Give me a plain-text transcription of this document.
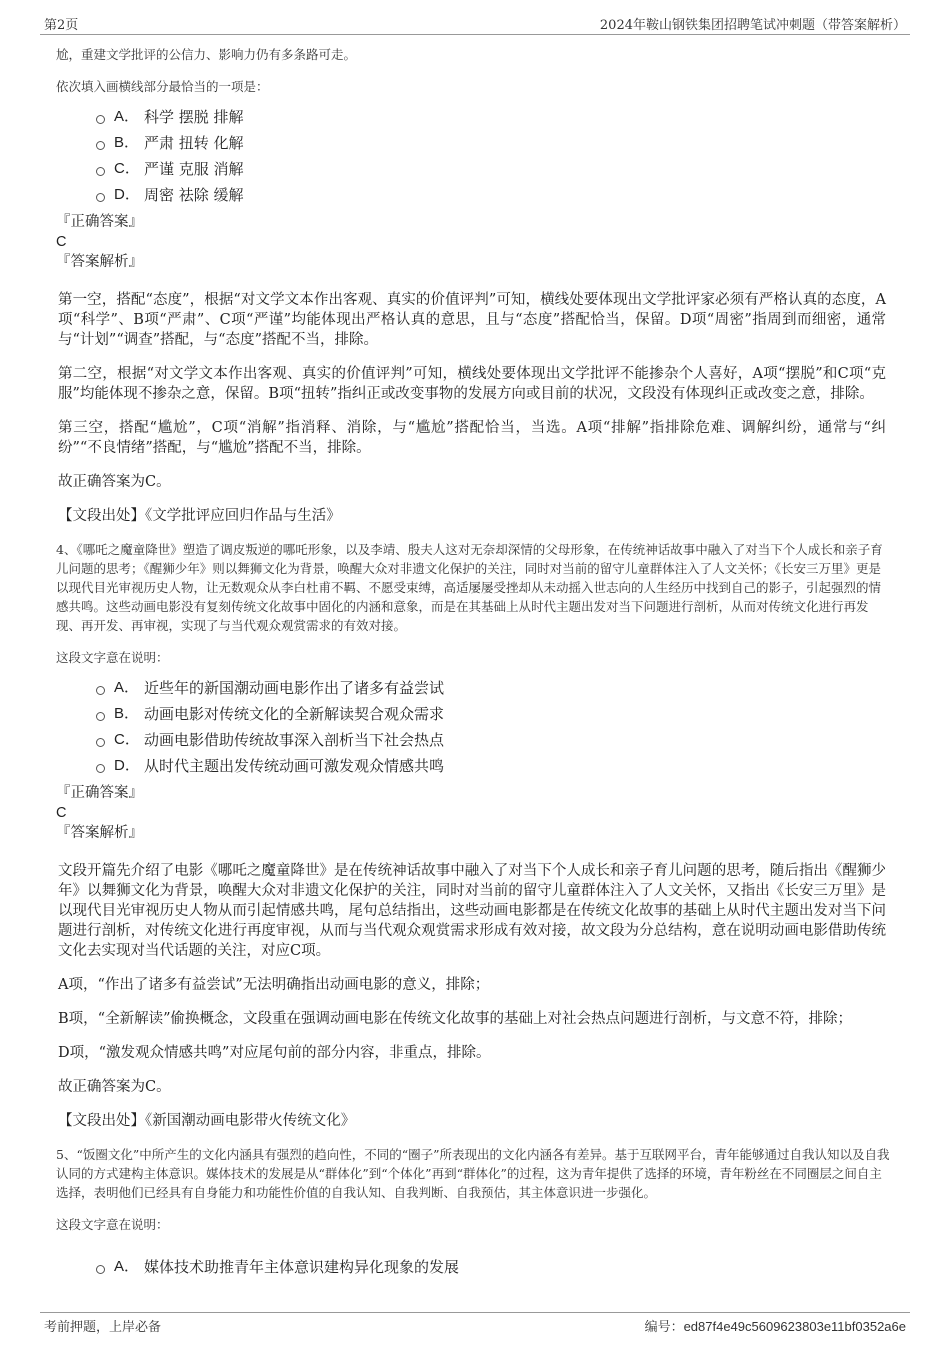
第2页	2024年鞍山钢铁集团招聘笔试冲刺题（带答案解析）

尬，重建文学批评的公信力、影响力仍有多条路可走。

依次填入画横线部分最恰当的一项是：

A． 科学 摆脱 排解
B． 严肃 扭转 化解
C． 严谨 克服 消解
D． 周密 祛除 缓解
『正确答案』
C
『答案解析』

第一空，搭配“态度”，根据“对文学文本作出客观、真实的价值评判”可知，横线处要体现出文学批评家必须有严格认真的态度，A项“科学”、B项“严肃”、C项“严谨”均能体现出严格认真的意思，且与“态度”搭配恰当，保留。D项“周密”指周到而细密，通常与“计划”“调查”搭配，与“态度”搭配不当，排除。

第二空，根据“对文学文本作出客观、真实的价值评判”可知，横线处要体现出文学批评不能掺杂个人喜好，A项“摆脱”和C项“克服”均能体现不掺杂之意，保留。B项“扭转”指纠正或改变事物的发展方向或目前的状况，文段没有体现纠正或改变之意，排除。

第三空，搭配“尴尬”，C项“消解”指消释、消除，与“尴尬”搭配恰当，当选。A项“排解”指排除危难、调解纠纷，通常与“纠纷”“不良情绪”搭配，与“尴尬”搭配不当，排除。

故正确答案为C。

【文段出处】《文学批评应回归作品与生活》

4、《哪吒之魔童降世》塑造了调皮叛逆的哪吒形象，以及李靖、殷夫人这对无奈却深情的父母形象，在传统神话故事中融入了对当下个人成长和亲子育儿问题的思考；《醒狮少年》则以舞狮文化为背景，唤醒大众对非遗文化保护的关注，同时对当前的留守儿童群体注入了人文关怀；《长安三万里》更是以现代目光审视历史人物，让无数观众从李白杜甫不羁、不愿受束缚，高适屡屡受挫却从未动摇入世志向的人生经历中找到自己的影子，引起强烈的情感共鸣。这些动画电影没有复刻传统文化故事中固化的内涵和意象，而是在其基础上从时代主题出发对当下问题进行剖析，从而对传统文化进行再发现、再开发、再审视，实现了与当代观众观赏需求的有效对接。

这段文字意在说明：

A． 近些年的新国潮动画电影作出了诸多有益尝试
B． 动画电影对传统文化的全新解读契合观众需求
C． 动画电影借助传统故事深入剖析当下社会热点
D． 从时代主题出发传统动画可激发观众情感共鸣
『正确答案』
C
『答案解析』

文段开篇先介绍了电影《哪吒之魔童降世》是在传统神话故事中融入了对当下个人成长和亲子育儿问题的思考，随后指出《醒狮少年》以舞狮文化为背景，唤醒大众对非遗文化保护的关注，同时对当前的留守儿童群体注入了人文关怀，又指出《长安三万里》是以现代目光审视历史人物从而引起情感共鸣，尾句总结指出，这些动画电影都是在传统文化故事的基础上从时代主题出发对当下问题进行剖析，对传统文化进行再度审视，从而与当代观众观赏需求形成有效对接，故文段为分总结构，意在说明动画电影借助传统文化去实现对当代话题的关注，对应C项。

A项，“作出了诸多有益尝试”无法明确指出动画电影的意义，排除；

B项，“全新解读”偷换概念，文段重在强调动画电影在传统文化故事的基础上对社会热点问题进行剖析，与文意不符，排除；

D项，“激发观众情感共鸣”对应尾句前的部分内容，非重点，排除。

故正确答案为C。

【文段出处】《新国潮动画电影带火传统文化》

5、“饭圈文化”中所产生的文化内涵具有强烈的趋向性，不同的“圈子”所表现出的文化内涵各有差异。基于互联网平台，青年能够通过自我认知以及自我认同的方式建构主体意识。媒体技术的发展是从“群体化”到“个体化”再到“群体化”的过程，这为青年提供了选择的环境，青年粉丝在不同圈层之间自主选择，表明他们已经具有自身能力和功能性价值的自我认知、自我判断、自我预估，其主体意识进一步强化。

这段文字意在说明：

A． 媒体技术助推青年主体意识建构异化现象的发展
考前押题，上岸必备	编号：ed87f4e49c5609623803e11bf0352a6e
